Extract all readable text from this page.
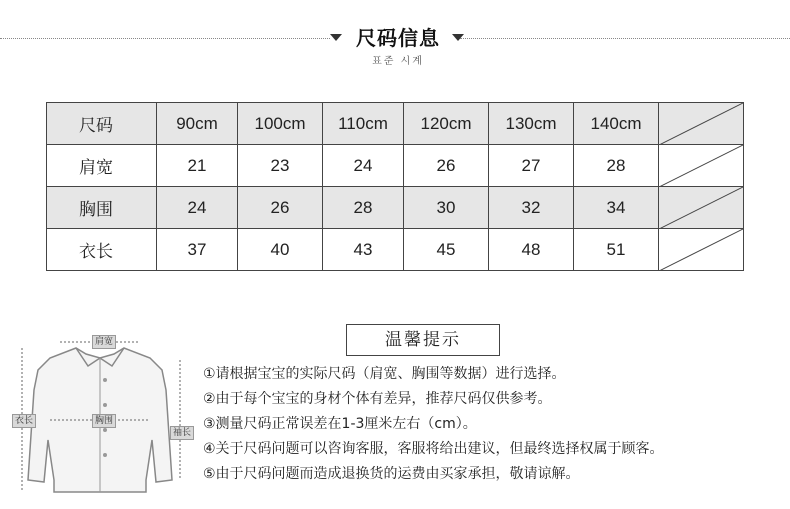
尺码信息
표준 시계
尺码	90cm	100cm	110cm	120cm	130cm	140cm	

肩宽	21	23	24	26	27	28	

胸围	24	26	28	30	32	34	

衣长	37	40	43	45	48	51	
肩宽
衣长	胸围
袖长
温馨提示
①请根据宝宝的实际尺码（肩宽、胸围等数据）进行选择。
②由于每个宝宝的身材个体有差异，推荐尺码仅供参考。
③测量尺码正常误差在1-3厘米左右（cm）。
④关于尺码问题可以咨询客服，客服将给出建议，但最终选择权属于顾客。
⑤由于尺码问题而造成退换货的运费由买家承担，敬请谅解。
